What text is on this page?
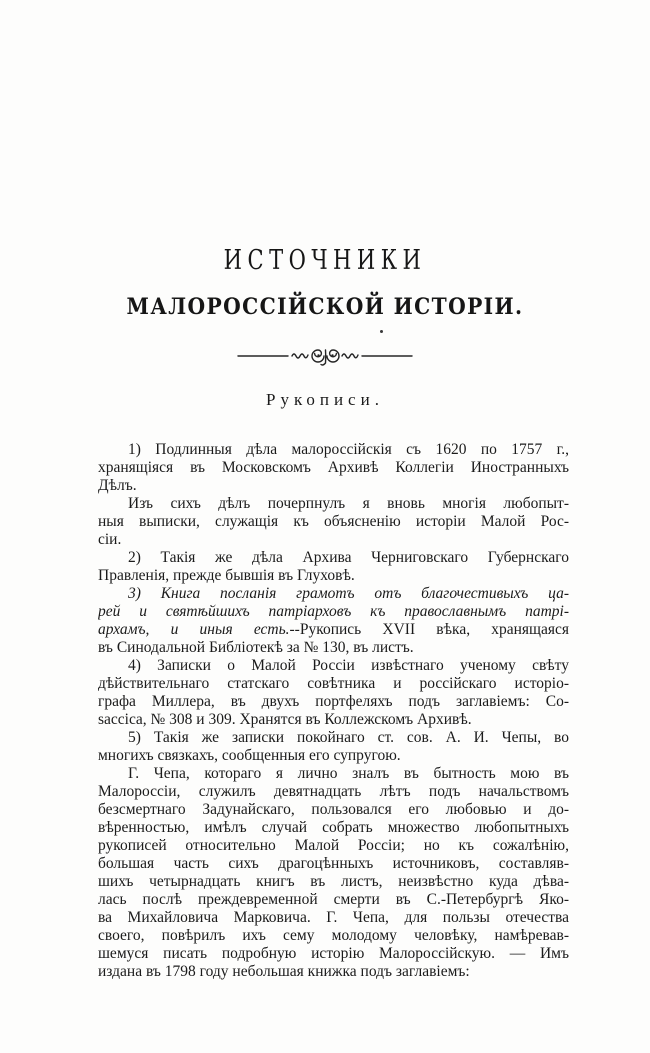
ИСТОЧНИКИ
МАЛОРОССІЙСКОЙ ИСТОРІИ.
Рукописи.
1) Подлинныя дѣла малороссійскія съ 1620 по 1757 г.,
хранящіяся въ Московскомъ Архивѣ Коллегіи Иностранныхъ
Дѣлъ.
Изъ сихъ дѣлъ почерпнулъ я вновь многія любопыт-
ныя выписки, служащія къ объясненію исторіи Малой Рос-
сіи.
2) Такія же дѣла Архива Черниговскаго Губернскаго
Правленія, прежде бывшія въ Глуховѣ.
3) Книга посланія грамотъ отъ благочестивыхъ ца-
рей и святѣйшихъ патріарховъ къ православнымъ патрі-
архамъ, и иныя есть.--Рукопись XVII вѣка, хранящаяся
въ Синодальной Библіотекѣ за № 130, въ листъ.
4) Записки о Малой Россіи извѣстнаго ученому свѣту
дѣйствительнаго статскаго совѣтника и россійскаго исторіо-
графа Миллера, въ двухъ портфеляхъ подъ заглавіемъ: Co-
saccica, № 308 и 309. Хранятся въ Коллежскомъ Архивѣ.
5) Такія же записки покойнаго ст. сов. А. И. Чепы, во
многихъ связкахъ, сообщенныя его супругою.
Г. Чепа, котораго я лично зналъ въ бытность мою въ
Малороссіи, служилъ девятнадцать лѣтъ подъ начальствомъ
безсмертнаго Задунайскаго, пользовался его любовью и до-
вѣренностью, имѣлъ случай собрать множество любопытныхъ
рукописей относительно Малой Россіи; но къ сожалѣнію,
большая часть сихъ драгоцѣнныхъ источниковъ, составляв-
шихъ четырнадцать книгъ въ листъ, неизвѣстно куда дѣва-
лась послѣ преждевременной смерти въ С.-Петербургѣ Яко-
ва Михайловича Марковича. Г. Чепа, для пользы отечества
своего, повѣрилъ ихъ сему молодому человѣку, намѣревав-
шемуся писать подробную исторію Малороссійскую. — Имъ
издана въ 1798 году небольшая книжка подъ заглавіемъ:
